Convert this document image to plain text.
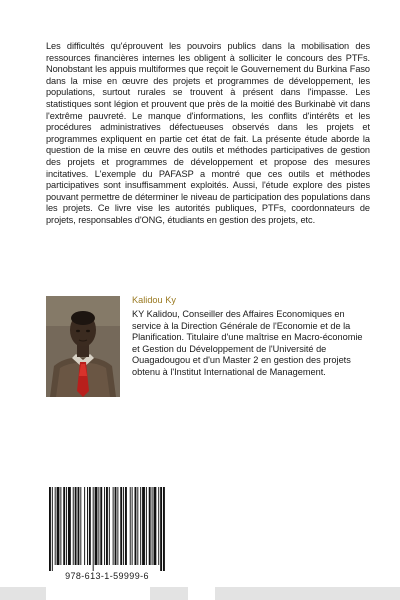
Les difficultés qu'éprouvent les pouvoirs publics dans la mobilisation des ressources financières internes les obligent à solliciter le concours des PTFs. Nonobstant les appuis multiformes que reçoit le Gouvernement du Burkina Faso dans la mise en œuvre des projets et programmes de développement, les populations, surtout rurales se trouvent à présent dans l'impasse. Les statistiques sont légion et prouvent que près de la moitié des Burkinabè vit dans l'extrême pauvreté. Le manque d'informations, les conflits d'intérêts et les procédures administratives défectueuses observés dans les projets et programmes expliquent en partie cet état de fait. La présente étude aborde la question de la mise en œuvre des outils et méthodes participatives de gestion des projets et programmes de développement et propose des mesures incitatives. L'exemple du PAFASP a montré que ces outils et méthodes participatives sont insuffisamment exploités. Aussi, l'étude explore des pistes pouvant permettre de déterminer le niveau de participation des populations dans les projets. Ce livre vise les autorités publiques, PTFs, coordonnateurs de projets, responsables d'ONG, étudiants en gestion des projets, etc.

Kalidou Ky

KY Kalidou, Conseiller des Affaires Economiques en service à la Direction Générale de l'Economie et de la Planification. Titulaire d'une maîtrise en Macro-économie et Gestion du Développement de l'Université de Ouagadougou et d'un Master 2 en gestion des projets obtenu à l'Institut International de Management.

978-613-1-59999-6
